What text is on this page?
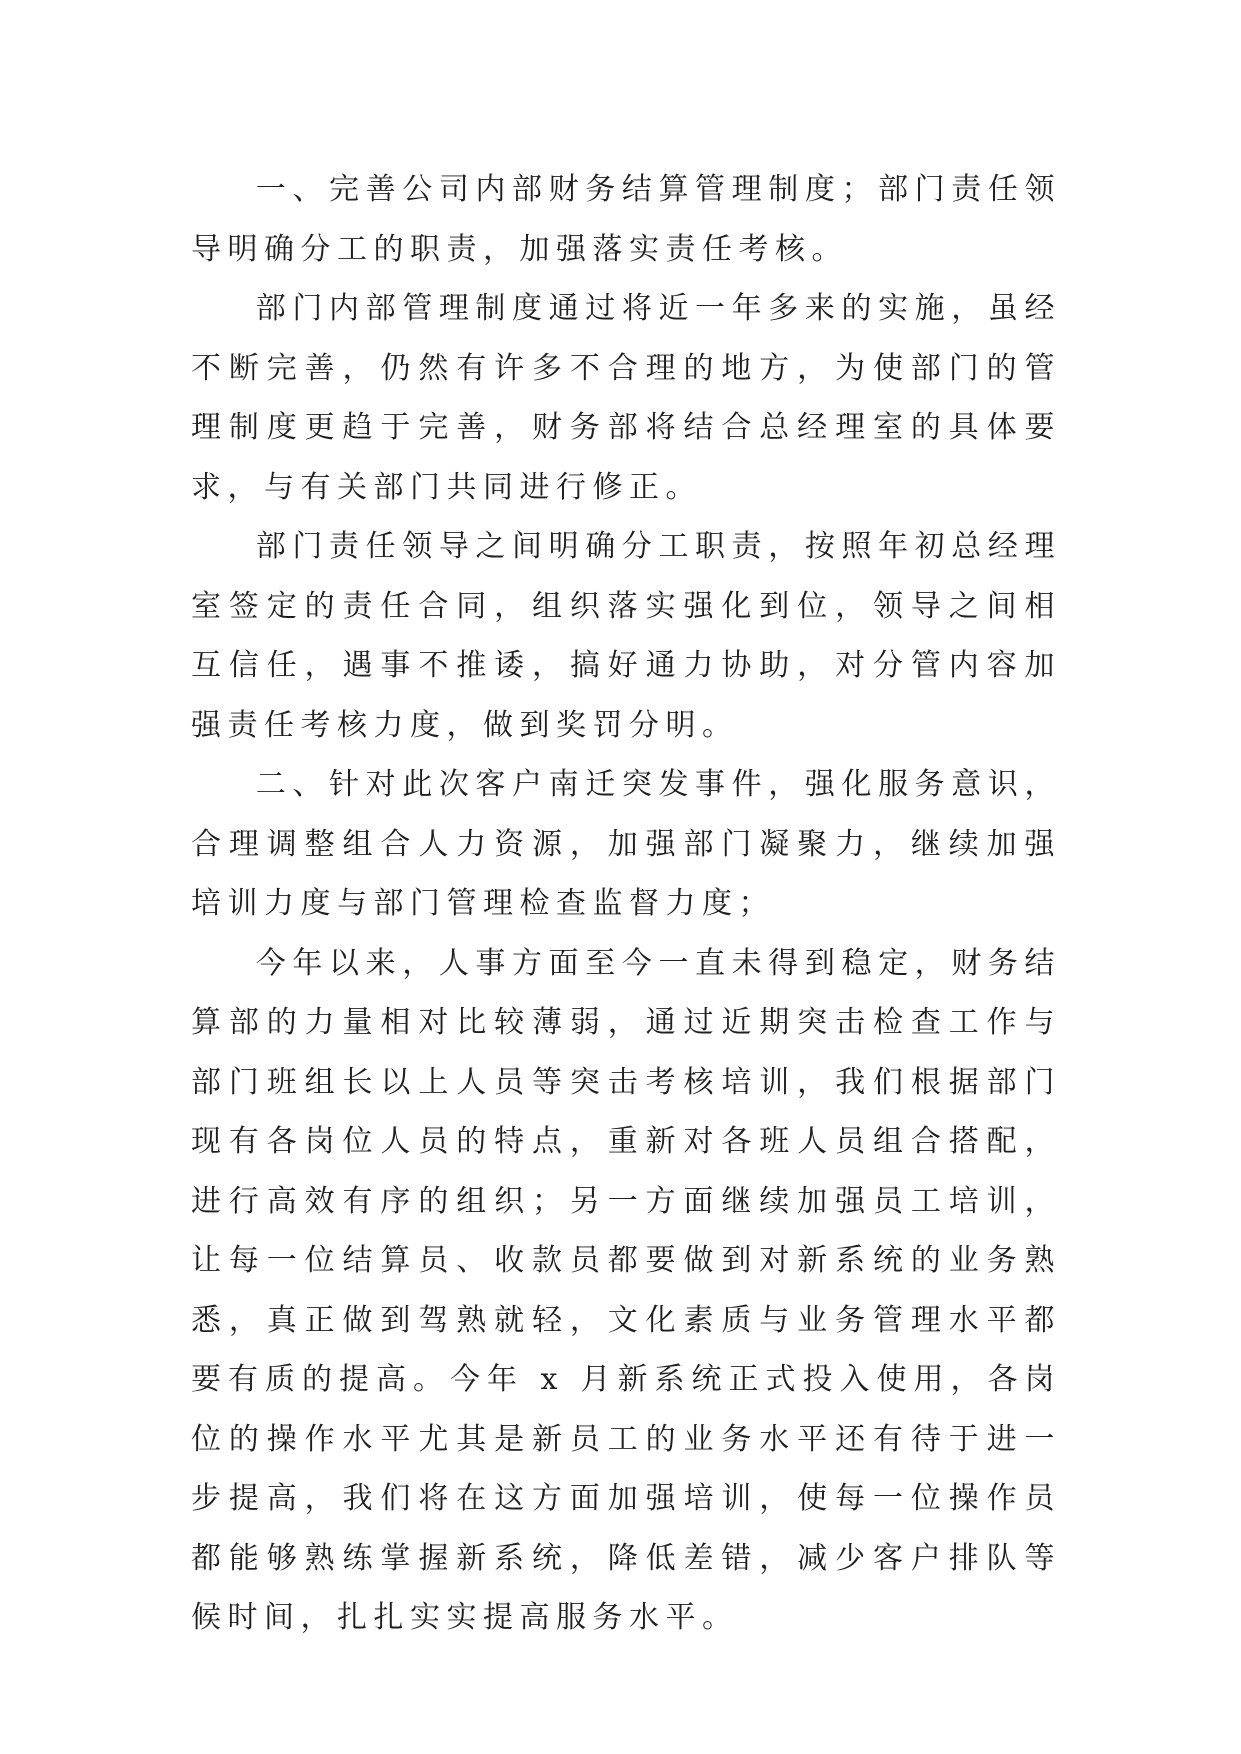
一、完善公司内部财务结算管理制度；部门责任领导明确分工的职责，加强落实责任考核。

部门内部管理制度通过将近一年多来的实施，虽经不断完善，仍然有许多不合理的地方，为使部门的管理制度更趋于完善，财务部将结合总经理室的具体要求，与有关部门共同进行修正。

部门责任领导之间明确分工职责，按照年初总经理室签定的责任合同，组织落实强化到位，领导之间相互信任，遇事不推诿，搞好通力协助，对分管内容加强责任考核力度，做到奖罚分明。

二、针对此次客户南迁突发事件，强化服务意识，合理调整组合人力资源，加强部门凝聚力，继续加强培训力度与部门管理检查监督力度；

今年以来，人事方面至今一直未得到稳定，财务结算部的力量相对比较薄弱，通过近期突击检查工作与部门班组长以上人员等突击考核培训，我们根据部门现有各岗位人员的特点，重新对各班人员组合搭配，进行高效有序的组织；另一方面继续加强员工培训，让每一位结算员、收款员都要做到对新系统的业务熟悉，真正做到驾熟就轻，文化素质与业务管理水平都要有质的提高。今年 x 月新系统正式投入使用，各岗位的操作水平尤其是新员工的业务水平还有待于进一步提高，我们将在这方面加强培训，使每一位操作员都能够熟练掌握新系统，降低差错，减少客户排队等候时间，扎扎实实提高服务水平。
